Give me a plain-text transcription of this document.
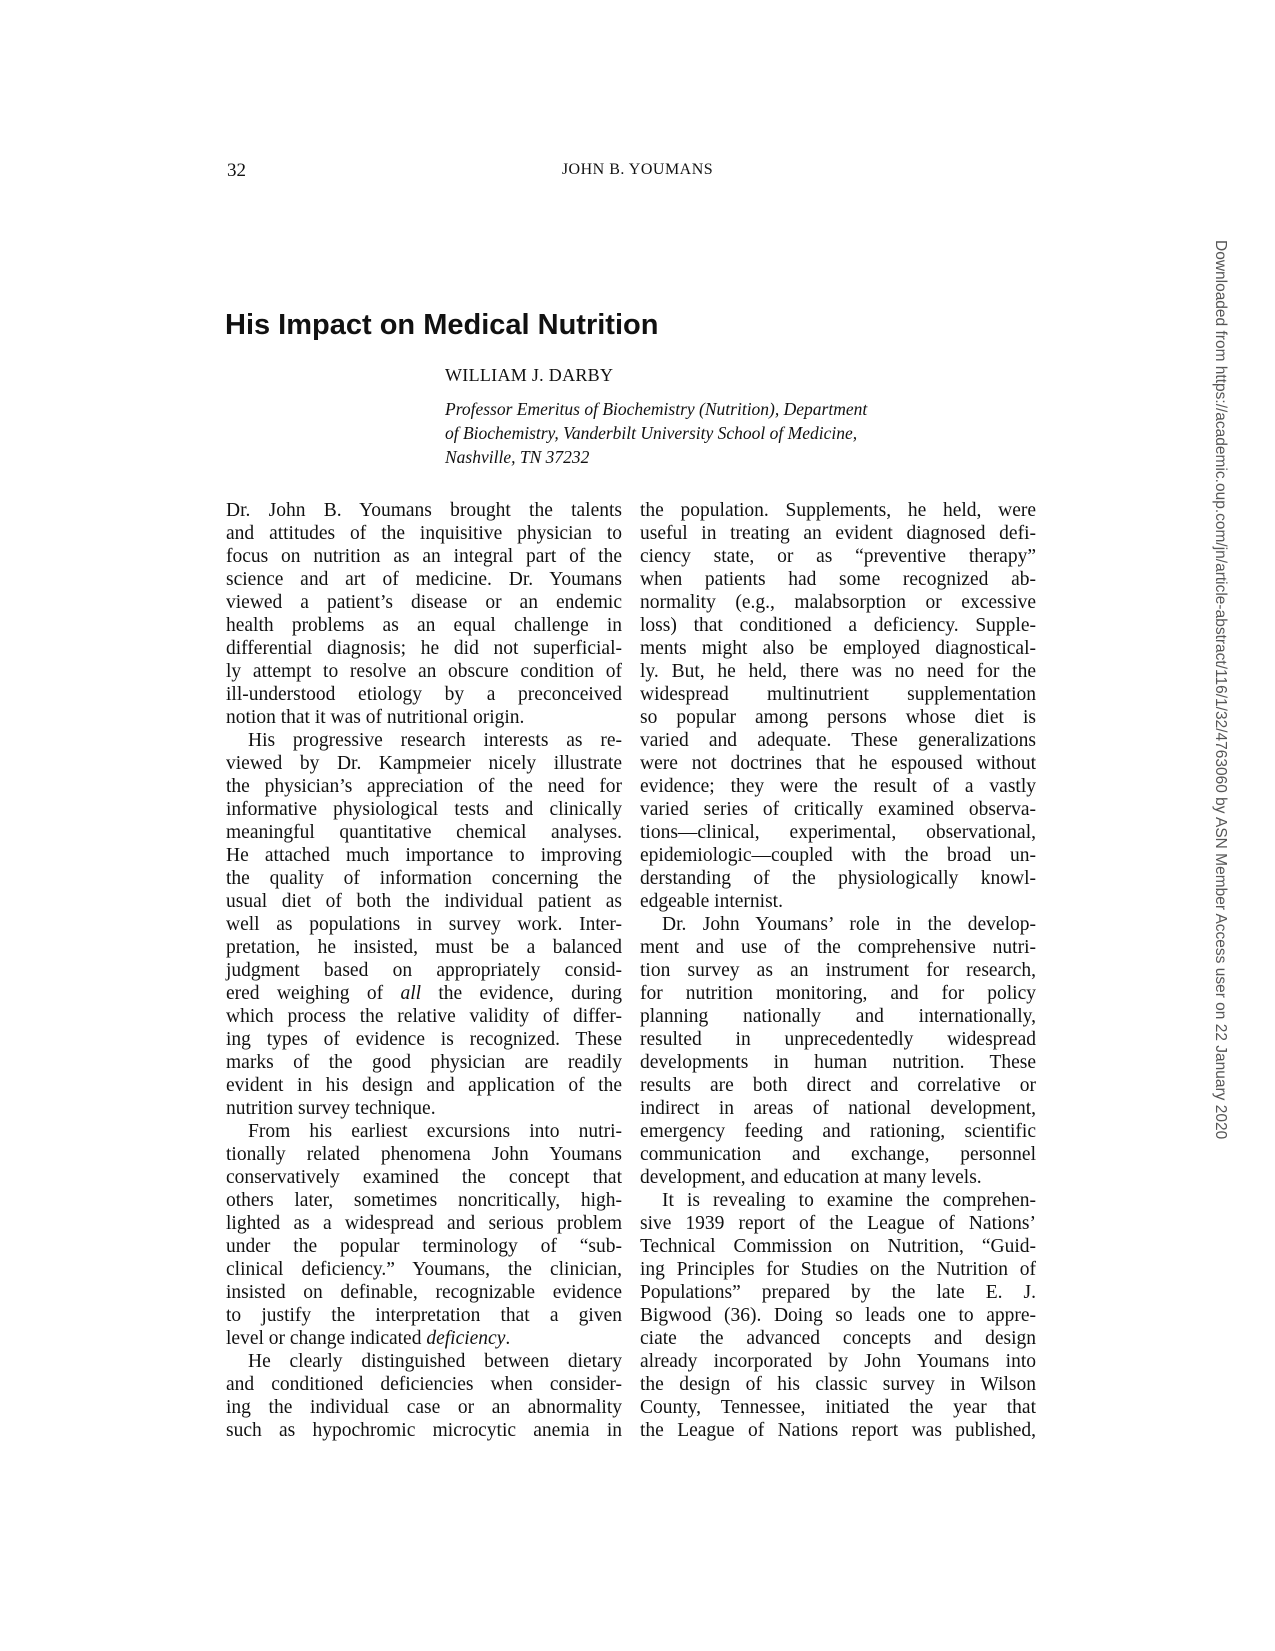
32	JOHN B. YOUMANS
His Impact on Medical Nutrition
WILLIAM J. DARBY
Professor Emeritus of Biochemistry (Nutrition), Department
of Biochemistry, Vanderbilt University School of Medicine,
Nashville, TN 37232
Dr. John B. Youmans brought the talents
and attitudes of the inquisitive physician to
focus on nutrition as an integral part of the
science and art of medicine. Dr. Youmans
viewed a patient’s disease or an endemic
health problems as an equal challenge in
differential diagnosis; he did not superficial-
ly attempt to resolve an obscure condition of
ill-understood etiology by a preconceived
notion that it was of nutritional origin.
His progressive research interests as re-
viewed by Dr. Kampmeier nicely illustrate
the physician’s appreciation of the need for
informative physiological tests and clinically
meaningful quantitative chemical analyses.
He attached much importance to improving
the quality of information concerning the
usual diet of both the individual patient as
well as populations in survey work. Inter-
pretation, he insisted, must be a balanced
judgment based on appropriately consid-
ered weighing of all the evidence, during
which process the relative validity of differ-
ing types of evidence is recognized. These
marks of the good physician are readily
evident in his design and application of the
nutrition survey technique.
From his earliest excursions into nutri-
tionally related phenomena John Youmans
conservatively examined the concept that
others later, sometimes noncritically, high-
lighted as a widespread and serious problem
under the popular terminology of “sub-
clinical deficiency.” Youmans, the clinician,
insisted on definable, recognizable evidence
to justify the interpretation that a given
level or change indicated deficiency.
He clearly distinguished between dietary
and conditioned deficiencies when consider-
ing the individual case or an abnormality
such as hypochromic microcytic anemia in
the population. Supplements, he held, were
useful in treating an evident diagnosed defi-
ciency state, or as “preventive therapy”
when patients had some recognized ab-
normality (e.g., malabsorption or excessive
loss) that conditioned a deficiency. Supple-
ments might also be employed diagnostical-
ly. But, he held, there was no need for the
widespread multinutrient supplementation
so popular among persons whose diet is
varied and adequate. These generalizations
were not doctrines that he espoused without
evidence; they were the result of a vastly
varied series of critically examined observa-
tions—clinical, experimental, observational,
epidemiologic—coupled with the broad un-
derstanding of the physiologically knowl-
edgeable internist.
Dr. John Youmans’ role in the develop-
ment and use of the comprehensive nutri-
tion survey as an instrument for research,
for nutrition monitoring, and for policy
planning nationally and internationally,
resulted in unprecedentedly widespread
developments in human nutrition. These
results are both direct and correlative or
indirect in areas of national development,
emergency feeding and rationing, scientific
communication and exchange, personnel
development, and education at many levels.
It is revealing to examine the comprehen-
sive 1939 report of the League of Nations’
Technical Commission on Nutrition, “Guid-
ing Principles for Studies on the Nutrition of
Populations” prepared by the late E. J.
Bigwood (36). Doing so leads one to appre-
ciate the advanced concepts and design
already incorporated by John Youmans into
the design of his classic survey in Wilson
County, Tennessee, initiated the year that
the League of Nations report was published,
Downloaded from https://academic.oup.com/jn/article-abstract/116/1/32/4763060 by ASN Member Access user on 22 January 2020
